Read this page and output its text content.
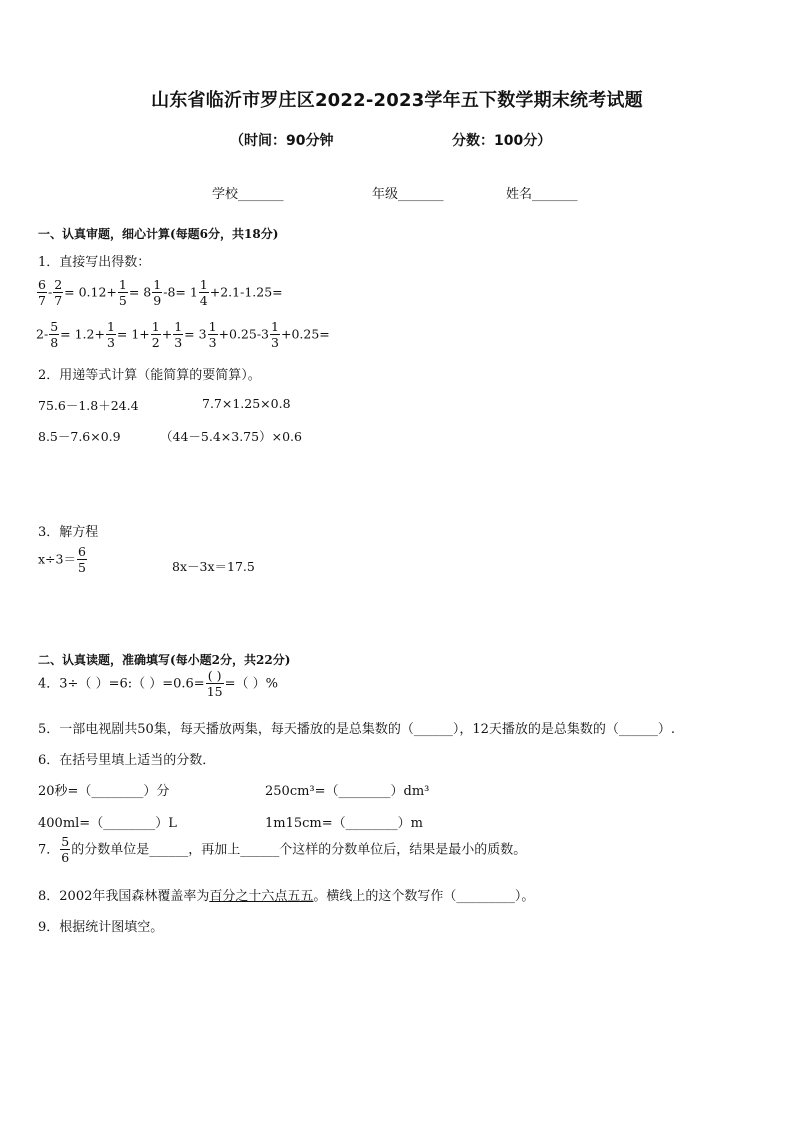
山东省临沂市罗庄区2022-2023学年五下数学期末统考试题
（时间：90分钟	分数：100分）
学校_______	年级_______	姓名_______
一、认真审题，细心计算(每题6分，共18分)
1．直接写出得数：
$\frac{6}{7} - \frac{2}{7} = 0.12+ \frac{1}{5} = 8 \frac{1}{9} -8= 1 \frac{1}{4} +2.1-1.25=$
$2- \frac{5}{8} = 1.2+ \frac{1}{3} = 1+ \frac{1}{2} + \frac{1}{3} = 3 \frac{1}{3} +0.25-3 \frac{1}{3} +0.25=$
2．用递等式计算（能简算的要简算）。
75.6－1.8＋24.4	7.7×1.25×0.8
8.5－7.6×0.9	（44－5.4×3.75）×0.6
3．解方程
$x\div 3= \frac{6}{5}$	8x－3x＝17.5
二、认真读题，准确填写(每小题2分，共22分)
4．3÷（ ）=6:（ ）$=0.6= \frac{( )}{15}$ =（ ）%
5．一部电视剧共50集，每天播放两集，每天播放的是总集数的（______），12天播放的是总集数的（______）.
6．在括号里填上适当的分数．
20秒=（________）分	250cm³=（________）dm³
400ml=（________）L	1m15cm=（________）m
7． $\frac{5}{6}$ 的分数单位是______，再加上______个这样的分数单位后，结果是最小的质数。
8．2002年我国森林覆盖率为百分之十六点五五。横线上的这个数写作（_________）。
9．根据统计图填空。
